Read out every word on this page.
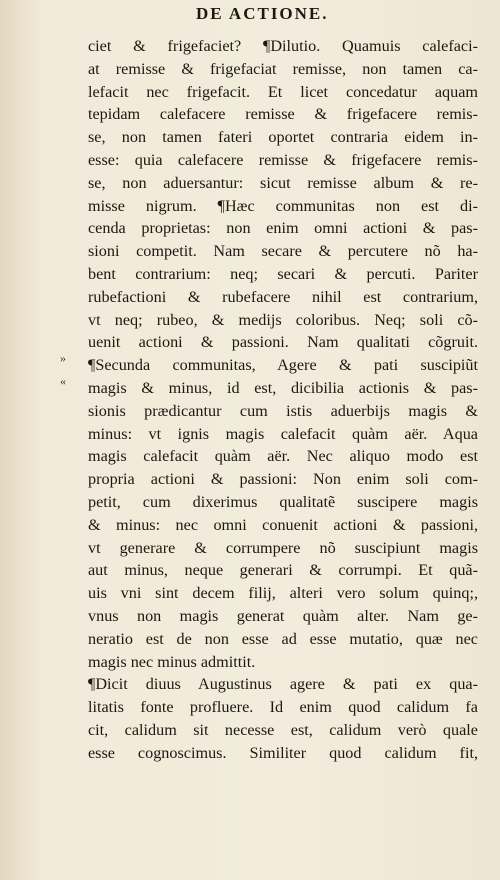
DE ACTIONE.
»
«
ciet & frigefaciet? ¶Dilutio. Quamuis calefaci-
at remisse & frigefaciat remisse, non tamen ca-
lefacit nec frigefacit. Et licet concedatur aquam
tepidam calefacere remisse & frigefacere remis-
se, non tamen fateri oportet contraria eidem in-
esse: quia calefacere remisse & frigefacere remis-
se, non aduersantur: sicut remisse album & re-
misse nigrum. ¶Hæc communitas non est di-
cenda proprietas: non enim omni actioni & pas-
sioni competit. Nam secare & percutere nõ ha-
bent contrarium: neq; secari & percuti. Pariter
rubefactioni & rubefacere nihil est contrarium,
vt neq; rubeo, & medijs coloribus. Neq; soli cõ-
uenit actioni & passioni. Nam qualitati cõgruit.
¶Secunda communitas, Agere & pati suscipiũt
magis & minus, id est, dicibilia actionis & pas-
sionis prædicantur cum istis aduerbijs magis &
minus: vt ignis magis calefacit quàm aër. Aqua
magis calefacit quàm aër. Nec aliquo modo est
propria actioni & passioni: Non enim soli com-
petit, cum dixerimus qualitatẽ suscipere magis
& minus: nec omni conuenit actioni & passioni,
vt generare & corrumpere nõ suscipiunt magis
aut minus, neque generari & corrumpi. Et quã-
uis vni sint decem filij, alteri vero solum quinq;,
vnus non magis generat quàm alter. Nam ge-
neratio est de non esse ad esse mutatio, quæ nec
magis nec minus admittit.
¶Dicit diuus Augustinus agere & pati ex qua-
litatis fonte profluere. Id enim quod calidum fa
cit, calidum sit necesse est, calidum verò quale
esse cognoscimus. Similiter quod calidum fit,
